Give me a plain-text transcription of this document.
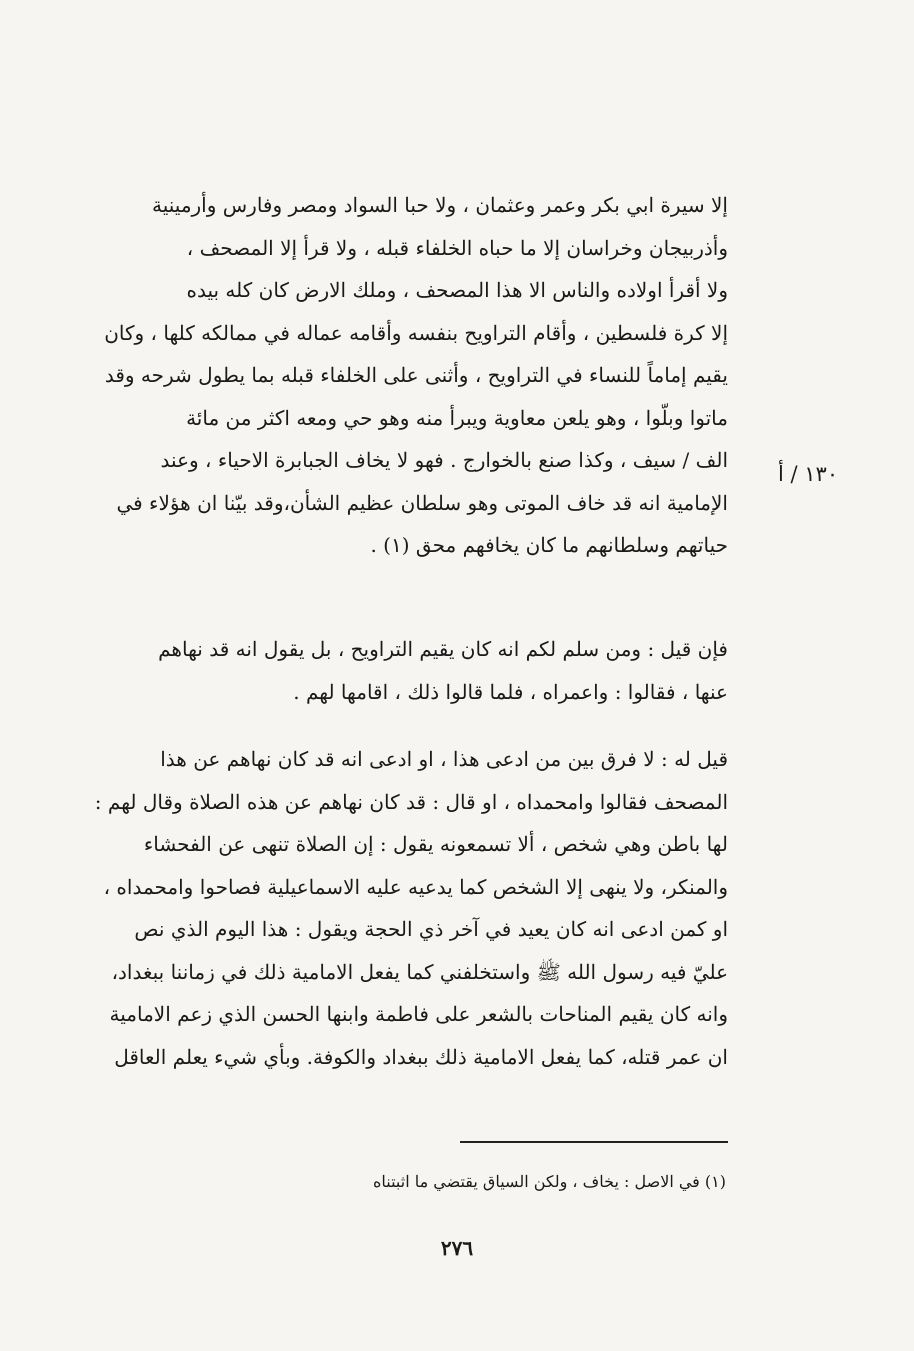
إلا سيرة ابي بكر وعمر وعثمان ، ولا حبا السواد ومصر وفارس وأرمينية
وأذربيجان وخراسان إلا ما حباه الخلفاء قبله ، ولا قرأ إلا المصحف ،
ولا أقرأ اولاده والناس الا هذا المصحف ، وملك الارض كان كله بيده
إلا كرة فلسطين ، وأقام التراويح بنفسه وأقامه عماله في ممالكه كلها ، وكان
يقيم إماماً للنساء في التراويح ، وأثنى على الخلفاء قبله بما يطول شرحه وقد
ماتوا وبلّوا ، وهو يلعن معاوية ويبرأ منه وهو حي ومعه اكثر من مائة
الف / سيف ، وكذا صنع بالخوارج . فهو لا يخاف الجبابرة الاحياء ، وعند
الإمامية انه قد خاف الموتى وهو سلطان عظيم الشأن،وقد بيّنا ان هؤلاء في
حياتهم وسلطانهم ما كان يخافهم محق (١) .
١٣٠ / أ
فإن قيل : ومن سلم لكم انه كان يقيم التراويح ، بل يقول انه قد نهاهم
عنها ، فقالوا : واعمراه ، فلما قالوا ذلك ، اقامها لهم .
قيل له : لا فرق بين من ادعى هذا ، او ادعى انه قد كان نهاهم عن هذا
المصحف فقالوا وامحمداه ، او قال : قد كان نهاهم عن هذه الصلاة وقال لهم :
لها باطن وهي شخص ، ألا تسمعونه يقول : إن الصلاة تنهى عن الفحشاء
والمنكر، ولا ينهى إلا الشخص كما يدعيه عليه الاسماعيلية فصاحوا وامحمداه ،
او كمن ادعى انه كان يعيد في آخر ذي الحجة ويقول : هذا اليوم الذي نص
عليّ فيه رسول الله ﷺ واستخلفني كما يفعل الامامية ذلك في زماننا ببغداد،
وانه كان يقيم المناحات بالشعر على فاطمة وابنها الحسن الذي زعم الامامية
ان عمر قتله، كما يفعل الامامية ذلك ببغداد والكوفة. وبأي شيء يعلم العاقل
(١) في الاصل : يخاف ، ولكن السياق يقتضي ما اثبتناه
٢٧٦
